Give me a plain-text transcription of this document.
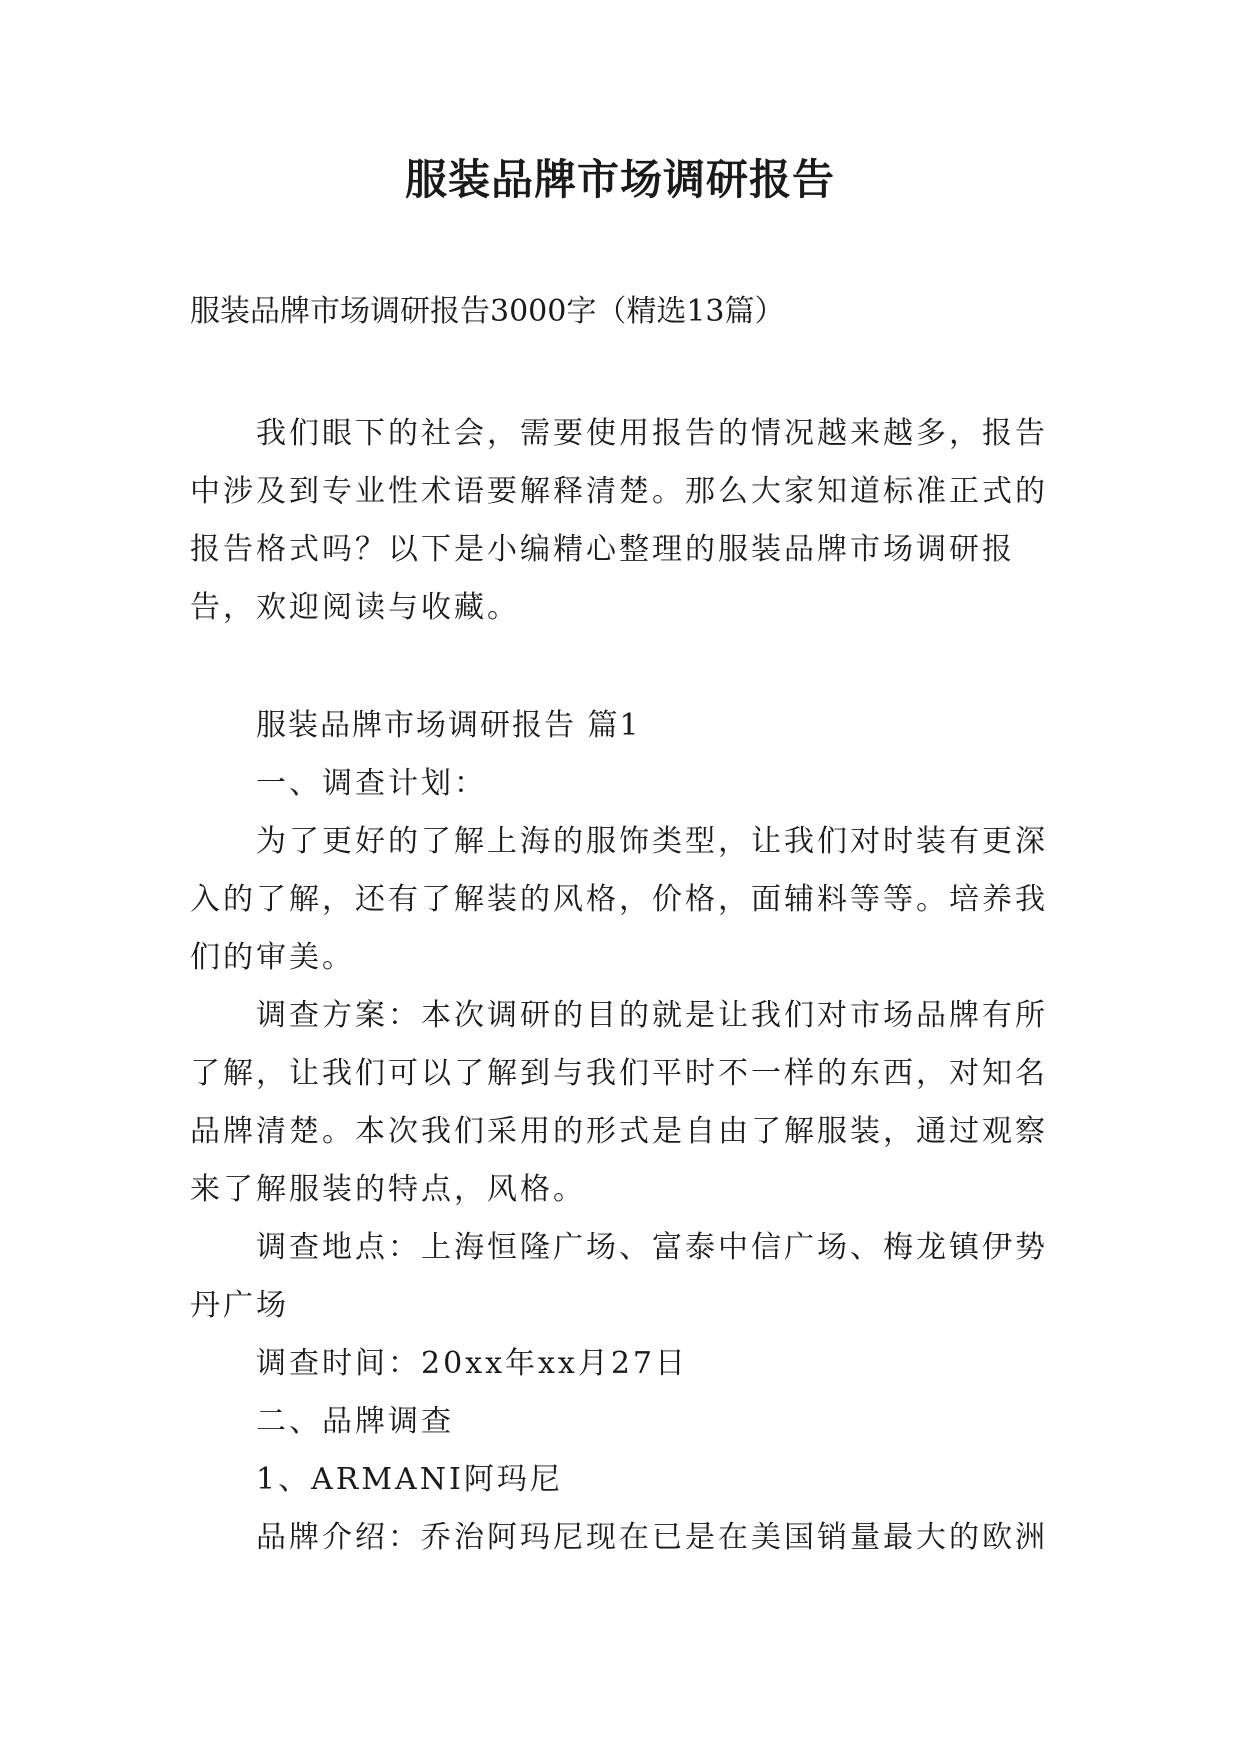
服装品牌市场调研报告

服装品牌市场调研报告3000字（精选13篇）

我们眼下的社会，需要使用报告的情况越来越多，报告中涉及到专业性术语要解释清楚。那么大家知道标准正式的报告格式吗？以下是小编精心整理的服装品牌市场调研报告，欢迎阅读与收藏。

服装品牌市场调研报告 篇1

一、调查计划：

为了更好的了解上海的服饰类型，让我们对时装有更深入的了解，还有了解装的风格，价格，面辅料等等。培养我们的审美。

调查方案：本次调研的目的就是让我们对市场品牌有所了解，让我们可以了解到与我们平时不一样的东西，对知名品牌清楚。本次我们采用的形式是自由了解服装，通过观察来了解服装的特点，风格。

调查地点：上海恒隆广场、富泰中信广场、梅龙镇伊势丹广场

调查时间：20xx年xx月27日

二、品牌调查

1、ARMANI阿玛尼

品牌介绍：乔治阿玛尼现在已是在美国销量最大的欧洲
